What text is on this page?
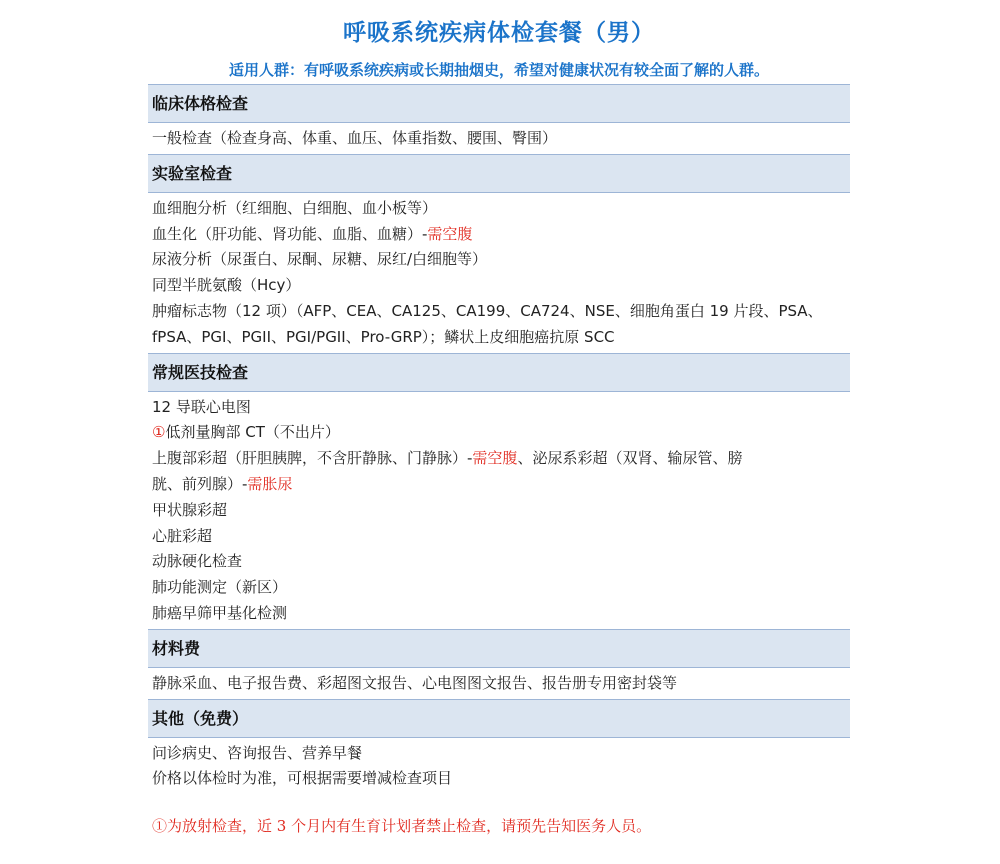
呼吸系统疾病体检套餐（男）
适用人群：有呼吸系统疾病或长期抽烟史，希望对健康状况有较全面了解的人群。
临床体格检查
一般检查（检查身高、体重、血压、体重指数、腰围、臀围）
实验室检查
血细胞分析（红细胞、白细胞、血小板等）
血生化（肝功能、肾功能、血脂、血糖）-需空腹
尿液分析（尿蛋白、尿酮、尿糖、尿红/白细胞等）
同型半胱氨酸（Hcy）
肿瘤标志物（12 项）（AFP、CEA、CA125、CA199、CA724、NSE、细胞角蛋白 19 片段、PSA、
fPSA、PGI、PGII、PGI/PGII、Pro-GRP）；鳞状上皮细胞癌抗原 SCC
常规医技检查
12 导联心电图
①低剂量胸部 CT（不出片）
上腹部彩超（肝胆胰脾，不含肝静脉、门静脉）-需空腹、泌尿系彩超（双肾、输尿管、膀
胱、前列腺）-需胀尿
甲状腺彩超
心脏彩超
动脉硬化检查
肺功能测定（新区）
肺癌早筛甲基化检测
材料费
静脉采血、电子报告费、彩超图文报告、心电图图文报告、报告册专用密封袋等
其他（免费）
问诊病史、咨询报告、营养早餐
价格以体检时为准，可根据需要增减检查项目
①为放射检查，近 3 个月内有生育计划者禁止检查，请预先告知医务人员。
